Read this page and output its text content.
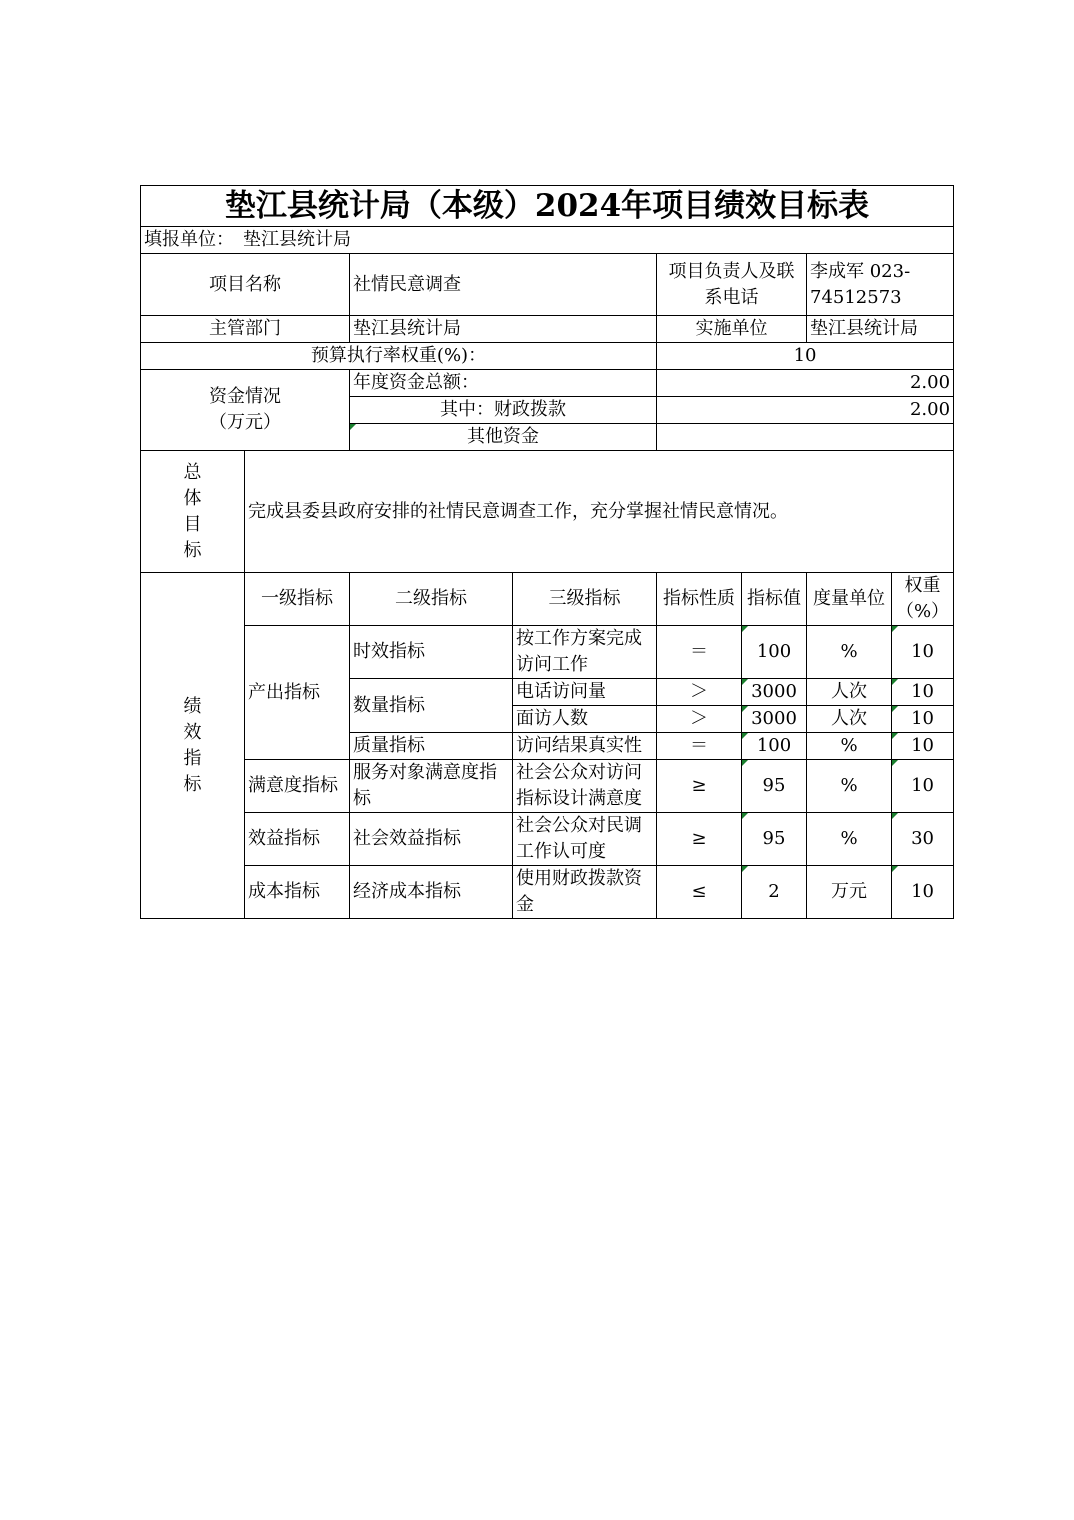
垫江县统计局（本级）2024年项目绩效目标表							
填报单位： 垫江县统计局							
项目名称		社情民意调查		项目负责人及联系电话		李成军 023-74512573	
主管部门		垫江县统计局		实施单位		垫江县统计局	
预算执行率权重(%)：				10			

资金情况
（万元）		年度资金总额：		2.00			
		其中：财政拨款		2.00			
		其他资金					

总
体
目
标	完成县委县政府安排的社情民意调查工作，充分掌握社情民意情况。						

绩
效
指
标	一级指标	二级指标	三级指标	指标性质	指标值	度量单位	权重（%）
	产出指标	时效指标	按工作方案完成访问工作	＝	100	%	10
		数量指标	电话访问量	＞	3000	人次	10
			面访人数	＞	3000	人次	10
		质量指标	访问结果真实性	＝	100	%	10
	满意度指标	服务对象满意度指标	社会公众对访问指标设计满意度	≥	95	%	10
	效益指标	社会效益指标	社会公众对民调工作认可度	≥	95	%	30
	成本指标	经济成本指标	使用财政拨款资金	≤	2	万元	10
